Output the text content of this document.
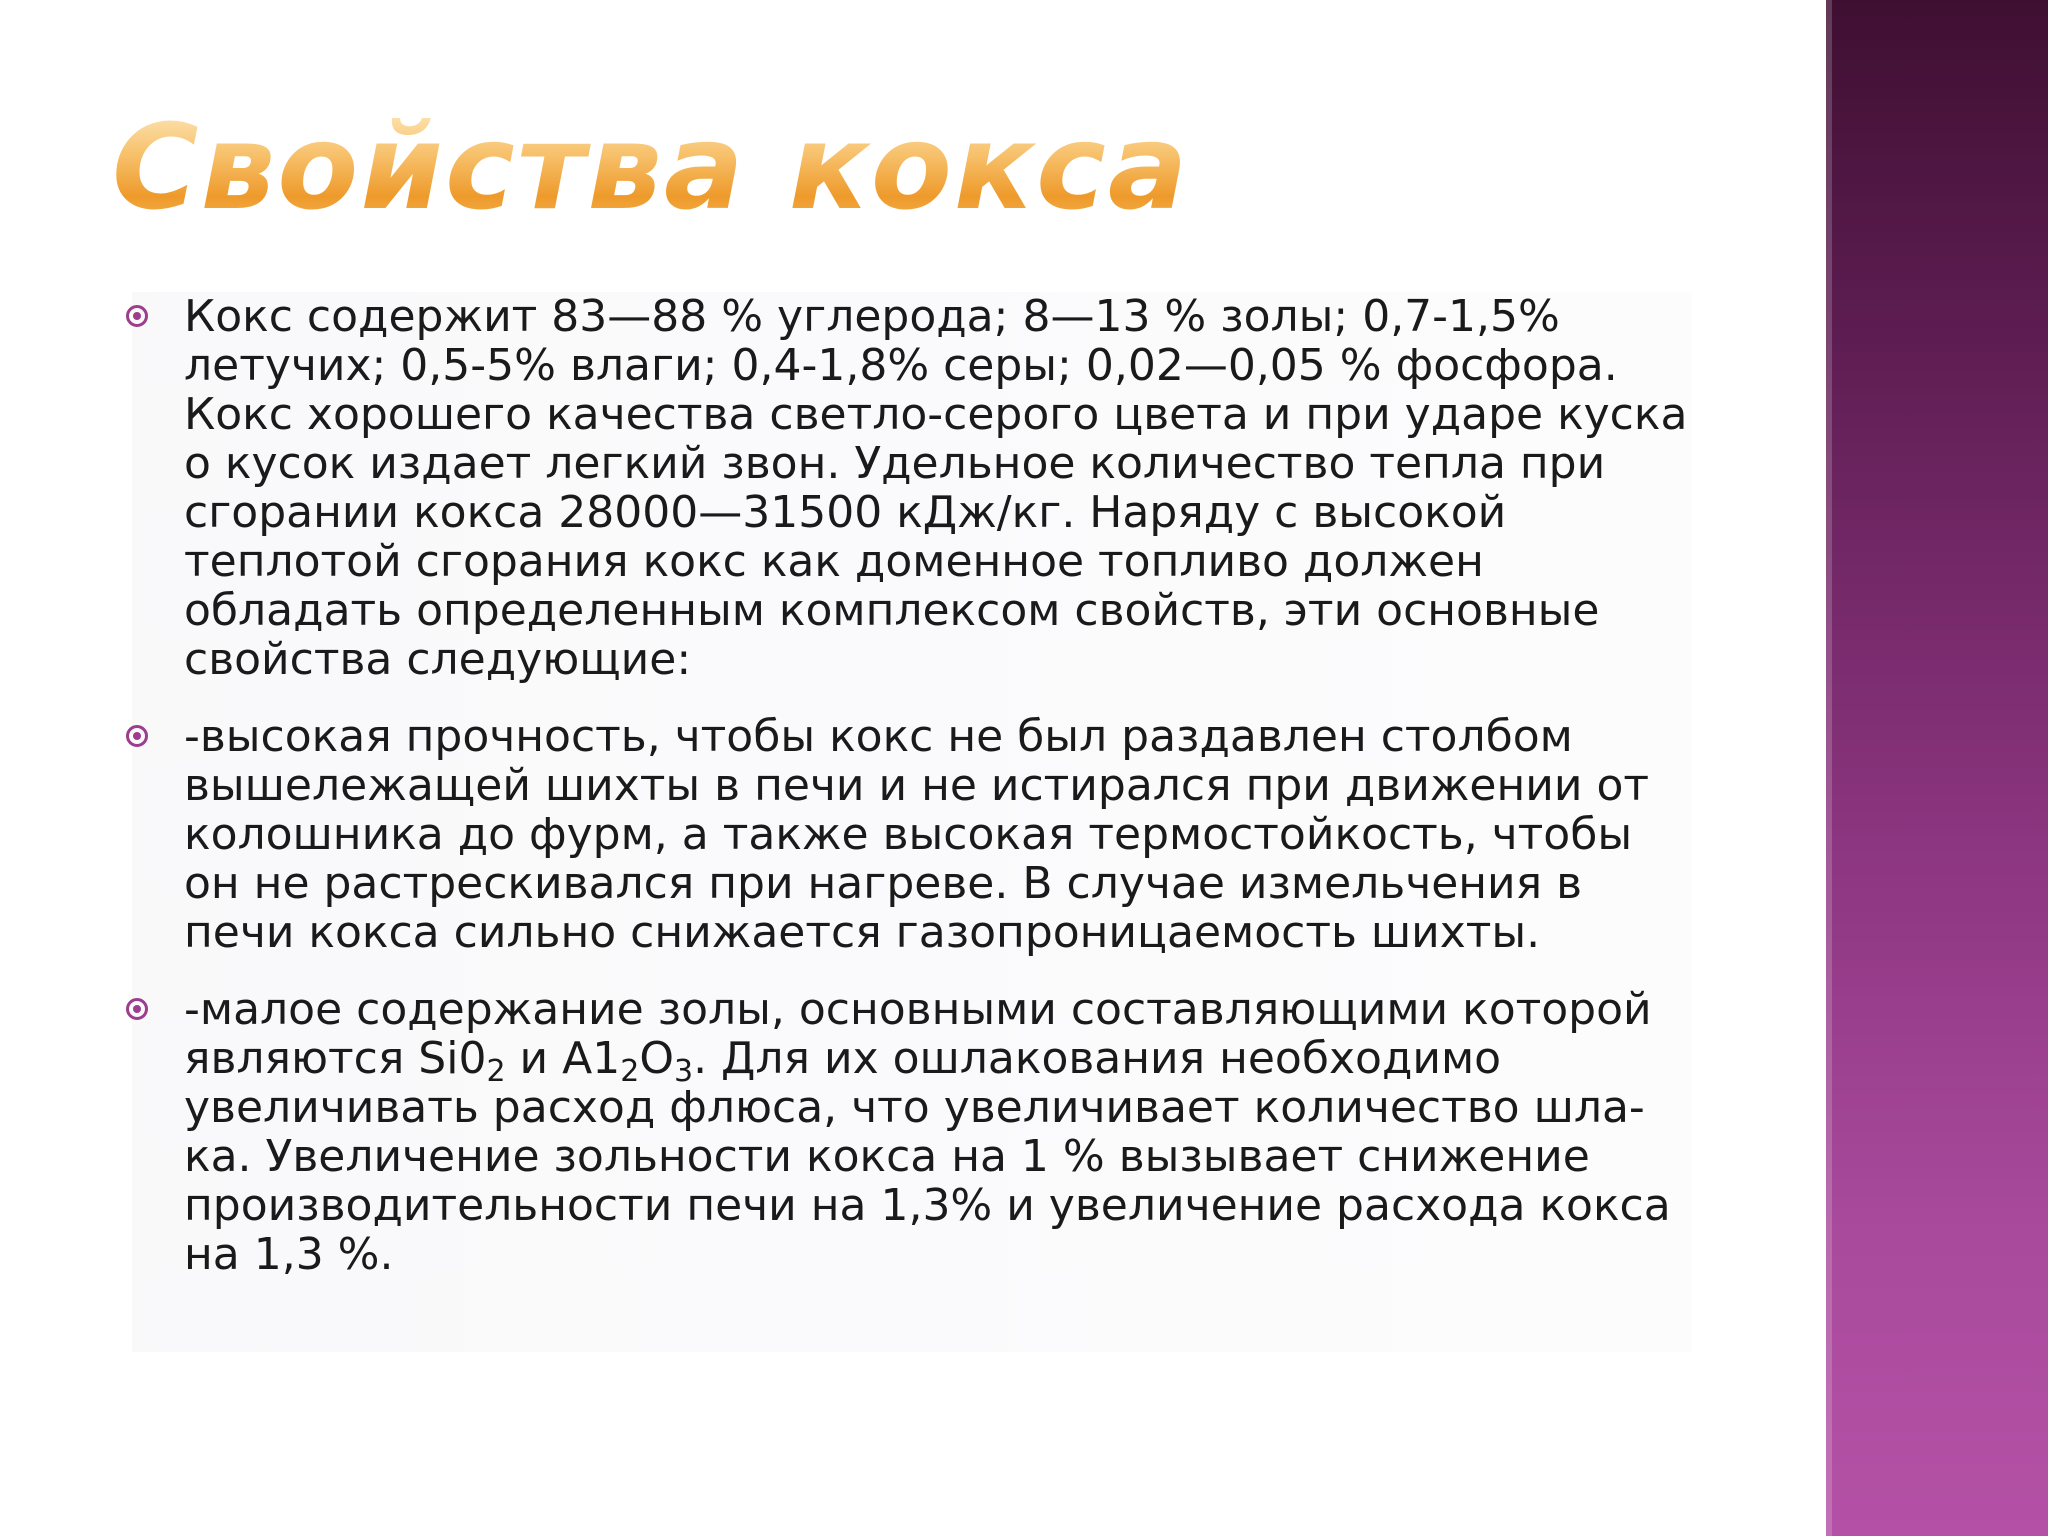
Свойства кокса
Кокс содержит 83—88 % углерода; 8—13 % золы; 0,7-1,5% летучих; 0,5-5% влаги; 0,4-1,8% серы; 0,02—0,05 % фосфора. Кокс хорошего качества светло-серого цвета и при ударе куска о кусок издает легкий звон. Удельное количество тепла при сгорании кокса 28000—31500 кДж/кг. Наряду с высокой теплотой сгорания кокс как доменное топливо должен обладать определенным комплексом свойств, эти основные свойства следующие:
-высокая прочность, чтобы кокс не был раздавлен столбом вышележащей шихты в печи и не истирался при движении от колошника до фурм, а также высокая термостойкость, чтобы он не растрескивался при нагреве. В случае измельчения в печи кокса сильно снижается газопроницаемость шихты.
-малое содержание золы, основными составляющими которой являются $Si0_2$ и $A1_2O_3$. Для их ошлакования необходимо увеличивать расход флюса, что увеличивает количество шла-ка. Увеличение зольности кокса на 1 % вызывает снижение производительности печи на 1,3% и увеличение расхода кокса на 1,3 %.
